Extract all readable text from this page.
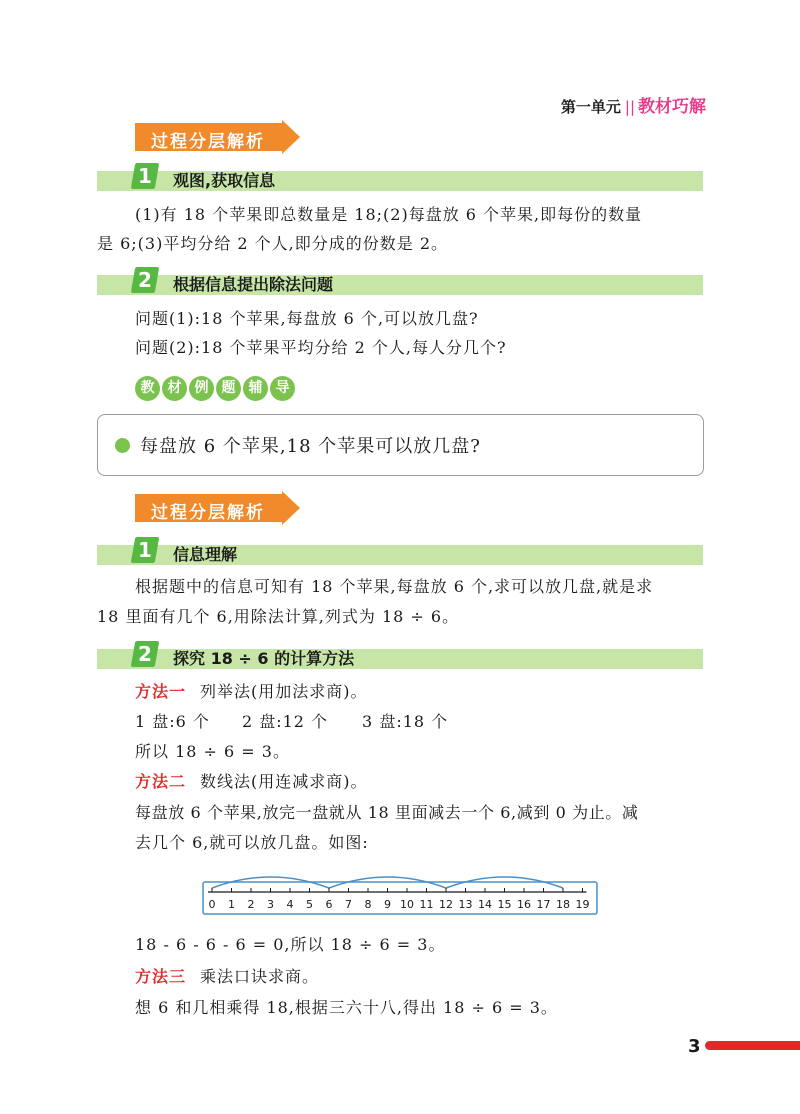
第一单元 || 教材巧解
过程分层解析
1	观图,获取信息
(1)有 18 个苹果即总数量是 18;(2)每盘放 6 个苹果,即每份的数量
是 6;(3)平均分给 2 个人,即分成的份数是 2。
2	根据信息提出除法问题
问题(1):18 个苹果,每盘放 6 个,可以放几盘?
问题(2):18 个苹果平均分给 2 个人,每人分几个?
教 材 例 题 辅 导
每盘放 6 个苹果,18 个苹果可以放几盘?
过程分层解析
1	信息理解
根据题中的信息可知有 18 个苹果,每盘放 6 个,求可以放几盘,就是求
18 里面有几个 6,用除法计算,列式为 18 ÷ 6。
2	探究 18 ÷ 6 的计算方法
方法一 列举法(用加法求商)。
1 盘:6 个 2 盘:12 个 3 盘:18 个
所以 18 ÷ 6 = 3。
方法二 数线法(用连减求商)。
每盘放 6 个苹果,放完一盘就从 18 里面减去一个 6,减到 0 为止。减
去几个 6,就可以放几盘。如图:
0 1 2 3 4 5 6 7 8 9 10 11 12 13 14 15 16 17 18 19
18 - 6 - 6 - 6 = 0,所以 18 ÷ 6 = 3。
方法三 乘法口诀求商。
想 6 和几相乘得 18,根据三六十八,得出 18 ÷ 6 = 3。
3
